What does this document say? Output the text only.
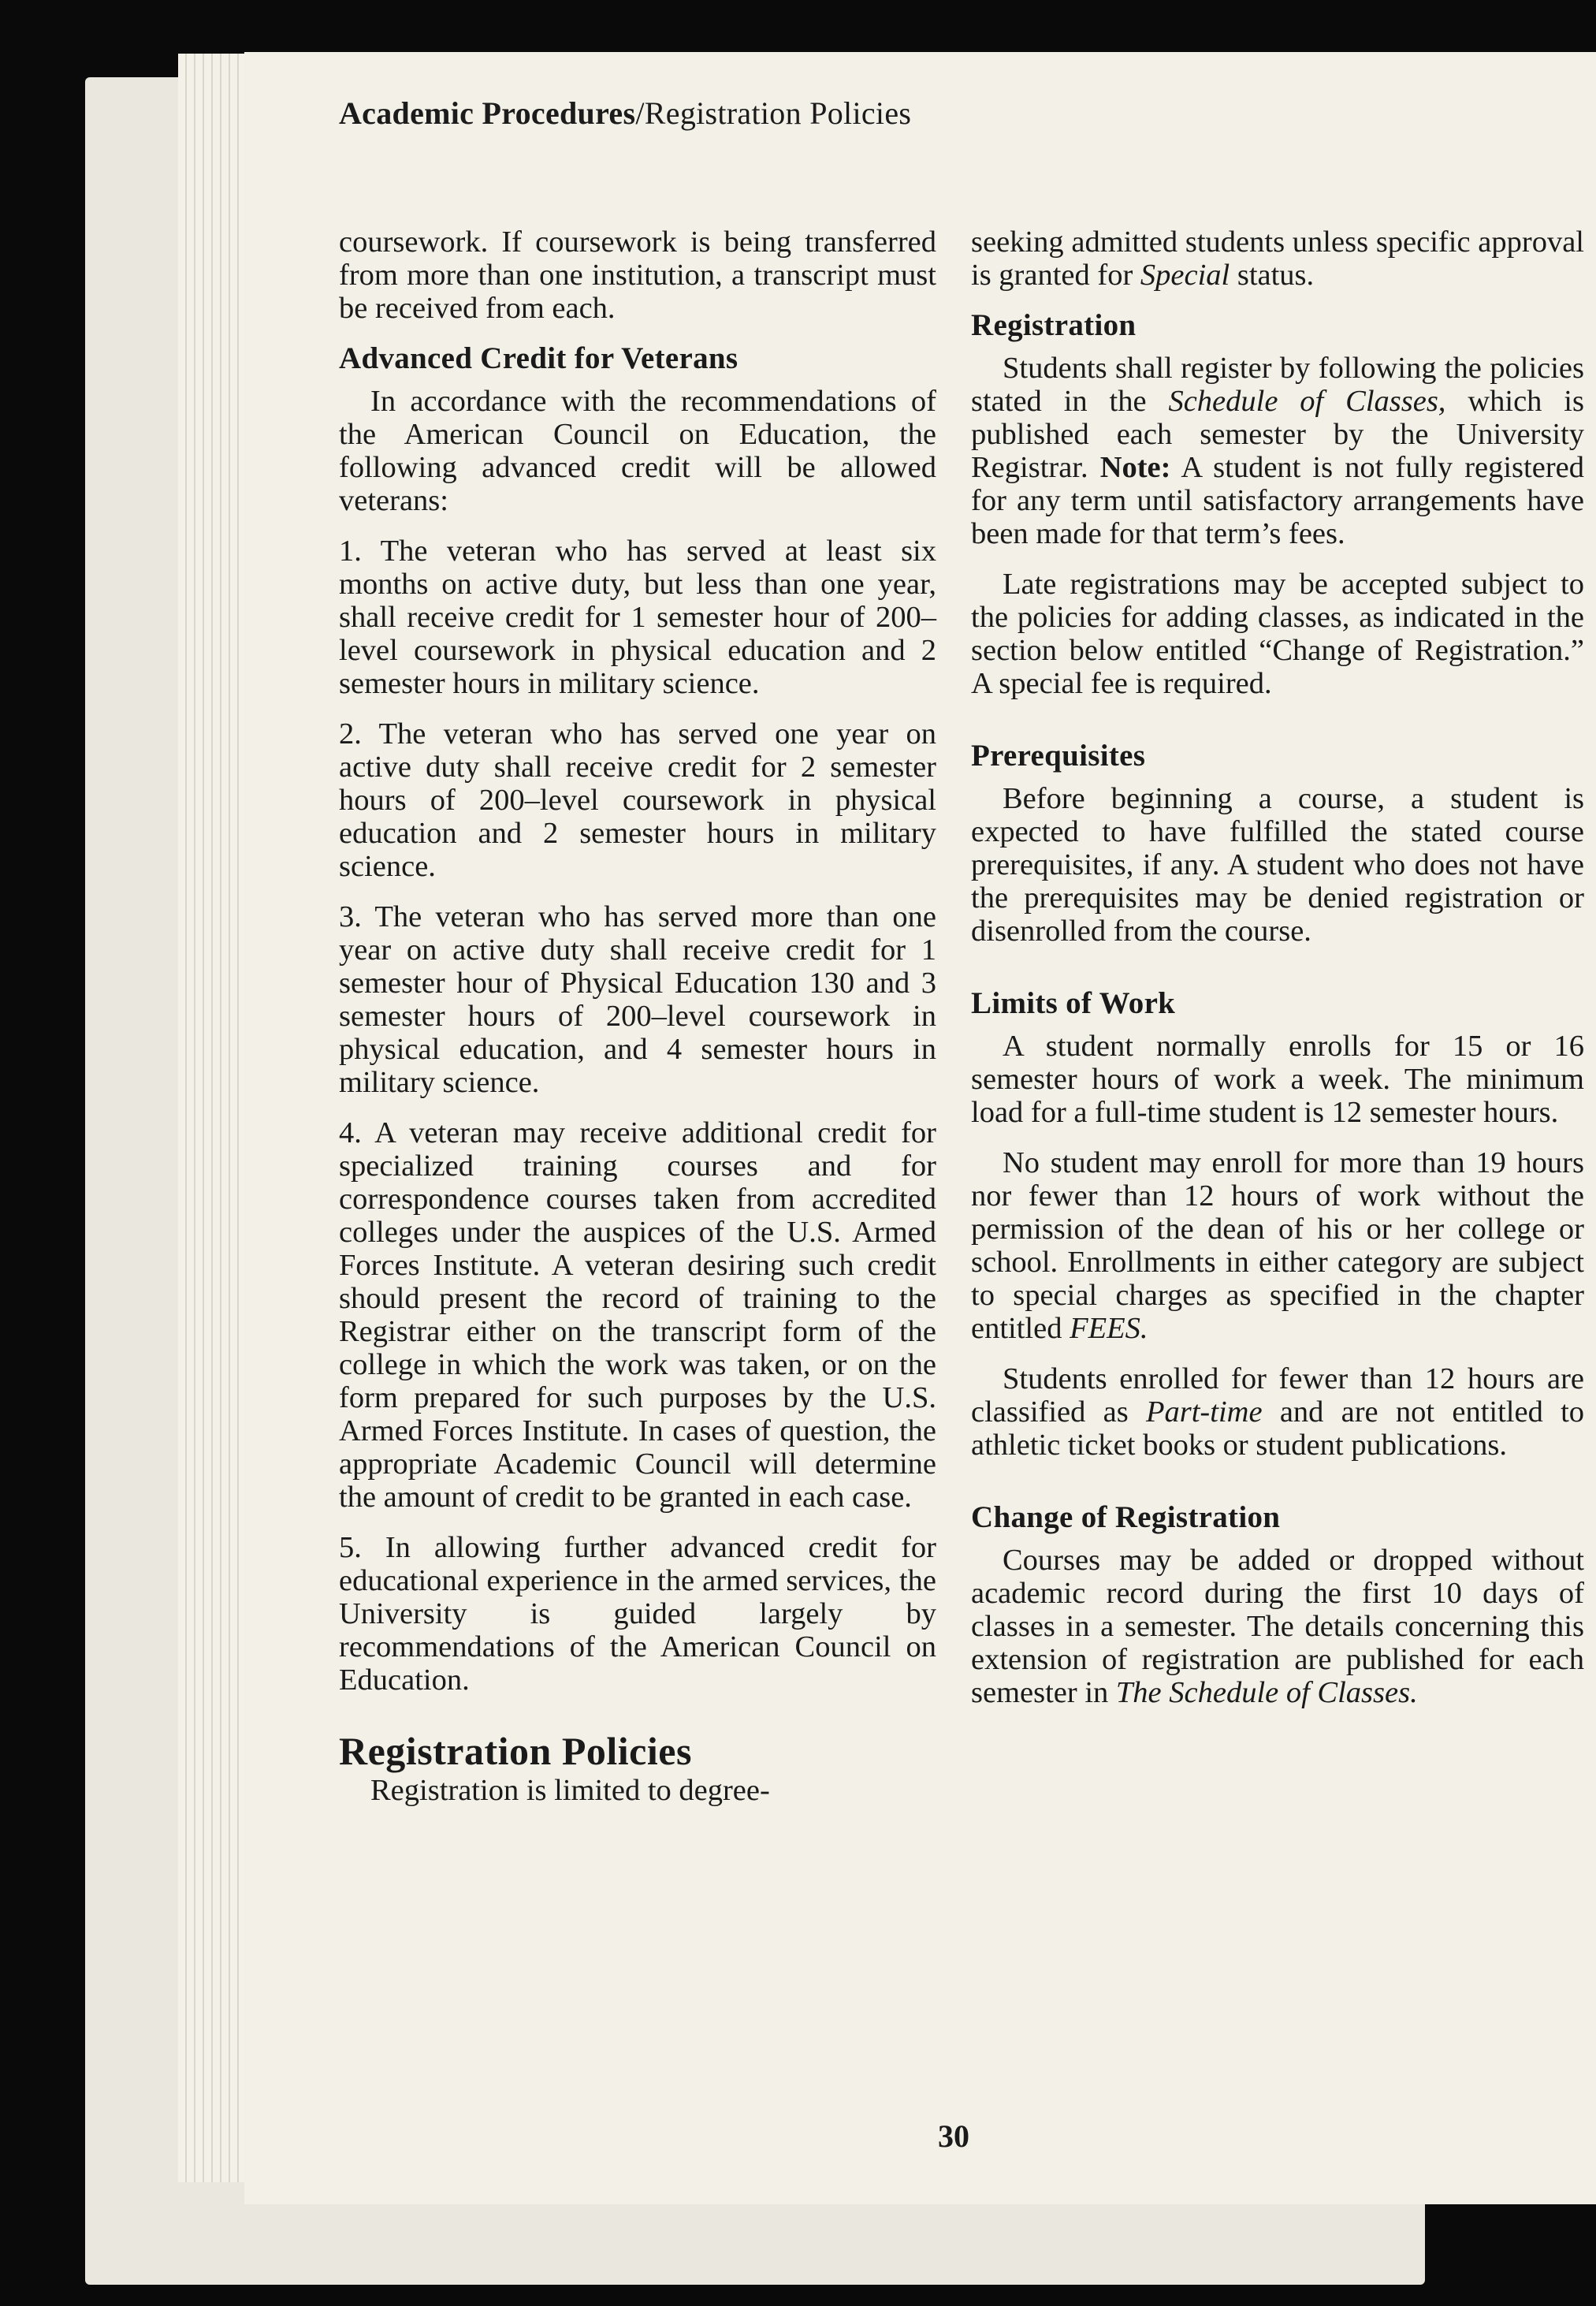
Academic Procedures/Registration Policies

coursework. If coursework is being transferred from more than one institution, a transcript must be received from each.

Advanced Credit for Veterans

In accordance with the recommendations of the American Council on Education, the following advanced credit will be allowed veterans:

1. The veteran who has served at least six months on active duty, but less than one year, shall receive credit for 1 semester hour of 200–level coursework in physical education and 2 semester hours in military science.

2. The veteran who has served one year on active duty shall receive credit for 2 semester hours of 200–level coursework in physical education and 2 semester hours in military science.

3. The veteran who has served more than one year on active duty shall receive credit for 1 semester hour of Physical Education 130 and 3 semester hours of 200–level coursework in physical education, and 4 semester hours in military science.

4. A veteran may receive additional credit for specialized training courses and for correspondence courses taken from accredited colleges under the auspices of the U.S. Armed Forces Institute. A veteran desiring such credit should present the record of training to the Registrar either on the transcript form of the college in which the work was taken, or on the form prepared for such purposes by the U.S. Armed Forces Institute. In cases of question, the appropriate Academic Council will determine the amount of credit to be granted in each case.

5. In allowing further advanced credit for educational experience in the armed services, the University is guided largely by recommendations of the American Council on Education.

Registration Policies

Registration is limited to degree-

seeking admitted students unless specific approval is granted for Special status.

Registration

Students shall register by following the policies stated in the Schedule of Classes, which is published each semester by the University Registrar. Note: A student is not fully registered for any term until satisfactory arrangements have been made for that term’s fees.

Late registrations may be accepted subject to the policies for adding classes, as indicated in the section below entitled “Change of Registration.” A special fee is required.

Prerequisites

Before beginning a course, a student is expected to have fulfilled the stated course prerequisites, if any. A student who does not have the prerequisites may be denied registration or disenrolled from the course.

Limits of Work

A student normally enrolls for 15 or 16 semester hours of work a week. The minimum load for a full-time student is 12 semester hours.

No student may enroll for more than 19 hours nor fewer than 12 hours of work without the permission of the dean of his or her college or school. Enrollments in either category are subject to special charges as specified in the chapter entitled FEES.

Students enrolled for fewer than 12 hours are classified as Part-time and are not entitled to athletic ticket books or student publications.

Change of Registration

Courses may be added or dropped without academic record during the first 10 days of classes in a semester. The details concerning this extension of registration are published for each semester in The Schedule of Classes.

30
